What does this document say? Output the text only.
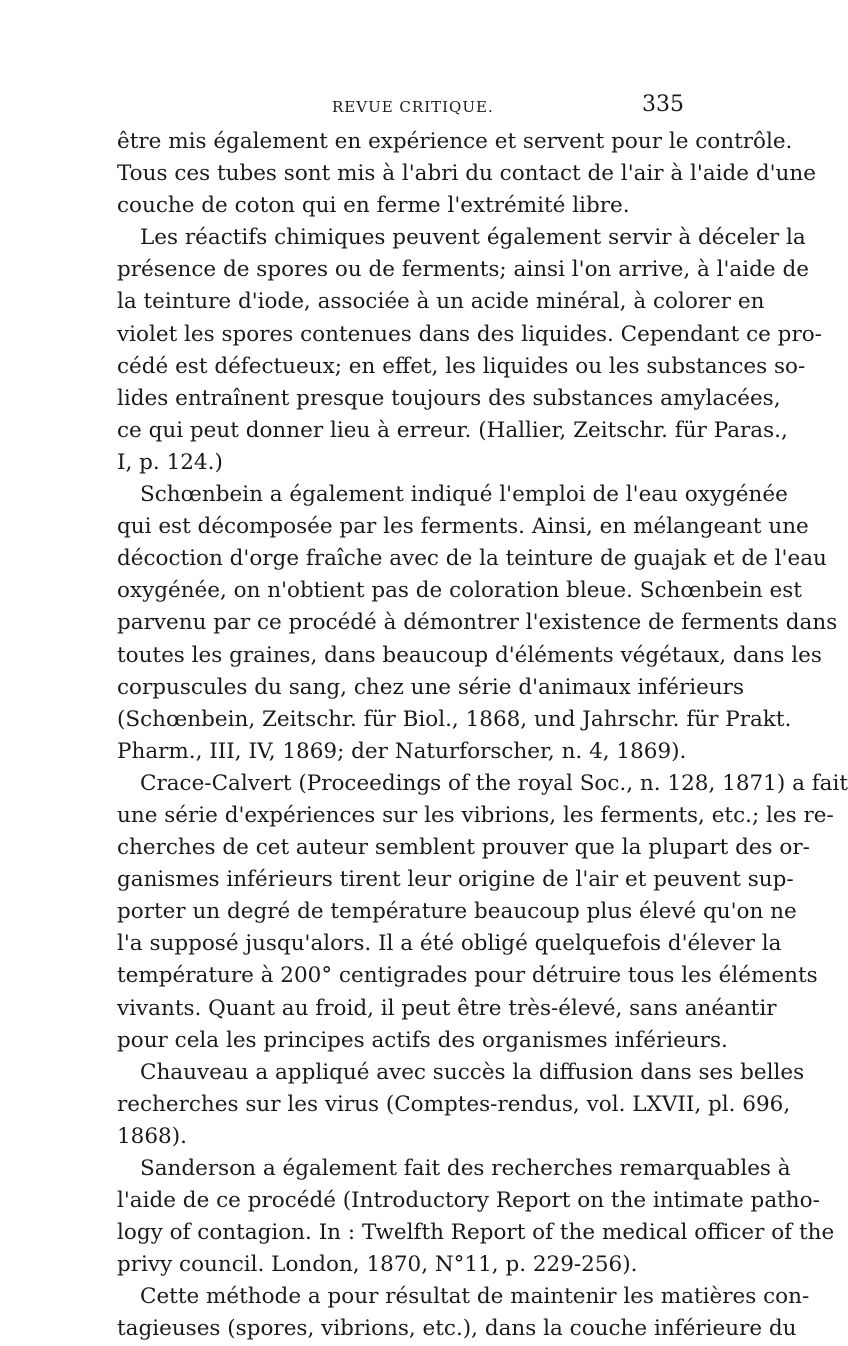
REVUE CRITIQUE.	335
être mis également en expérience et servent pour le contrôle.
Tous ces tubes sont mis à l'abri du contact de l'air à l'aide d'une
couche de coton qui en ferme l'extrémité libre.
Les réactifs chimiques peuvent également servir à déceler la
présence de spores ou de ferments; ainsi l'on arrive, à l'aide de
la teinture d'iode, associée à un acide minéral, à colorer en
violet les spores contenues dans des liquides. Cependant ce pro-
cédé est défectueux; en effet, les liquides ou les substances so-
lides entraînent presque toujours des substances amylacées,
ce qui peut donner lieu à erreur. (Hallier, Zeitschr. für Paras.,
I, p. 124.)
Schœnbein a également indiqué l'emploi de l'eau oxygénée
qui est décomposée par les ferments. Ainsi, en mélangeant une
décoction d'orge fraîche avec de la teinture de guajak et de l'eau
oxygénée, on n'obtient pas de coloration bleue. Schœnbein est
parvenu par ce procédé à démontrer l'existence de ferments dans
toutes les graines, dans beaucoup d'éléments végétaux, dans les
corpuscules du sang, chez une série d'animaux inférieurs
(Schœnbein, Zeitschr. für Biol., 1868, und Jahrschr. für Prakt.
Pharm., III, IV, 1869; der Naturforscher, n. 4, 1869).
Crace-Calvert (Proceedings of the royal Soc., n. 128, 1871) a fait
une série d'expériences sur les vibrions, les ferments, etc.; les re-
cherches de cet auteur semblent prouver que la plupart des or-
ganismes inférieurs tirent leur origine de l'air et peuvent sup-
porter un degré de température beaucoup plus élevé qu'on ne
l'a supposé jusqu'alors. Il a été obligé quelquefois d'élever la
température à 200° centigrades pour détruire tous les éléments
vivants. Quant au froid, il peut être très-élevé, sans anéantir
pour cela les principes actifs des organismes inférieurs.
Chauveau a appliqué avec succès la diffusion dans ses belles
recherches sur les virus (Comptes-rendus, vol. LXVII, pl. 696,
1868).
Sanderson a également fait des recherches remarquables à
l'aide de ce procédé (Introductory Report on the intimate patho-
logy of contagion. In : Twelfth Report of the medical officer of the
privy council. London, 1870, N°11, p. 229-256).
Cette méthode a pour résultat de maintenir les matières con-
tagieuses (spores, vibrions, etc.), dans la couche inférieure du
